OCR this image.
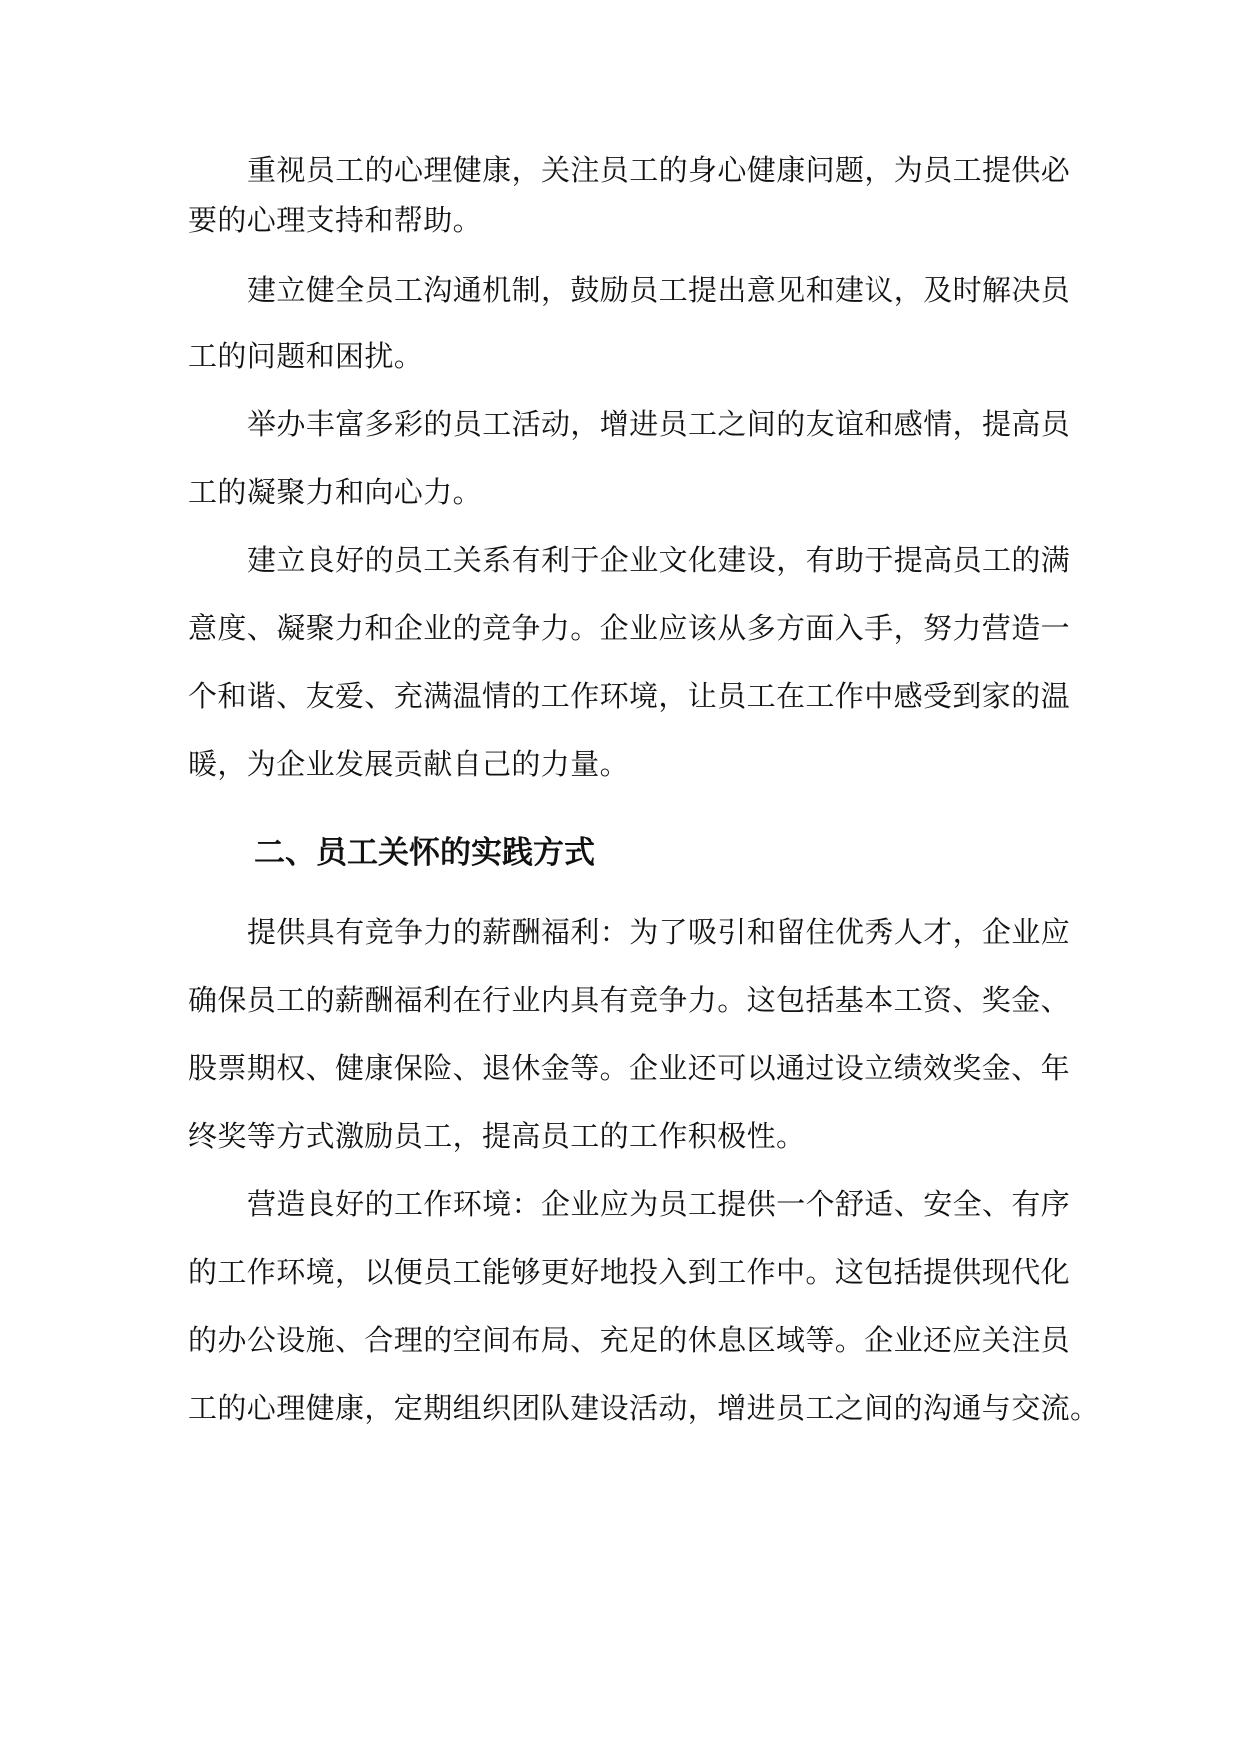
重视员工的心理健康，关注员工的身心健康问题，为员工提供必
要的心理支持和帮助。
建立健全员工沟通机制，鼓励员工提出意见和建议，及时解决员
工的问题和困扰。
举办丰富多彩的员工活动，增进员工之间的友谊和感情，提高员
工的凝聚力和向心力。
建立良好的员工关系有利于企业文化建设，有助于提高员工的满
意度、凝聚力和企业的竞争力。企业应该从多方面入手，努力营造一
个和谐、友爱、充满温情的工作环境，让员工在工作中感受到家的温
暖，为企业发展贡献自己的力量。
二、员工关怀的实践方式
提供具有竞争力的薪酬福利：为了吸引和留住优秀人才，企业应
确保员工的薪酬福利在行业内具有竞争力。这包括基本工资、奖金、
股票期权、健康保险、退休金等。企业还可以通过设立绩效奖金、年
终奖等方式激励员工，提高员工的工作积极性。
营造良好的工作环境：企业应为员工提供一个舒适、安全、有序
的工作环境，以便员工能够更好地投入到工作中。这包括提供现代化
的办公设施、合理的空间布局、充足的休息区域等。企业还应关注员
工的心理健康，定期组织团队建设活动，增进员工之间的沟通与交流。
